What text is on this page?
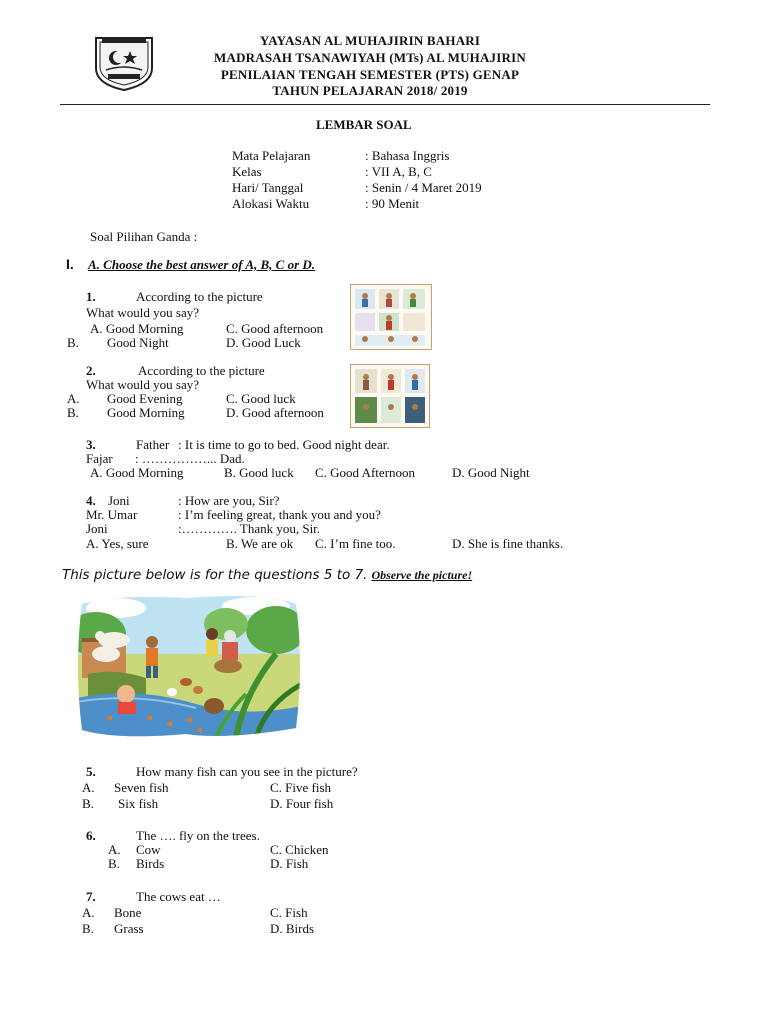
YAYASAN AL MUHAJIRIN BAHARI
MADRASAH TSANAWIYAH (MTs) AL MUHAJIRIN
PENILAIAN TENGAH SEMESTER (PTS) GENAP
TAHUN PELAJARAN 2018/ 2019
LEMBAR SOAL
Mata Pelajaran	: Bahasa Inggris
Kelas	: VII A, B, C
Hari/ Tanggal	: Senin / 4 Maret 2019
Alokasi Waktu	: 90 Menit
Soal Pilihan Ganda :
I. A. Choose the best answer of A, B, C or D.
1.	According to the picture
What would you say?
A. Good Morning	C. Good afternoon
B. Good Night	D. Good Luck
2.	According to the picture
What would you say?
A. Good Evening	C. Good luck
B. Good Morning	D. Good afternoon
3.	Father : It is time to go to bed. Good night dear.
Fajar : ……………... Dad.
A. Good Morning	B. Good luck C. Good Afternoon	D. Good Night
4. Joni	: How are you, Sir?
Mr. Umar	: I’m feeling great, thank you and you?
Joni	:…………. Thank you, Sir.
A. Yes, sure	B. We are ok C. I’m fine too.	D. She is fine thanks.
This picture below is for the questions 5 to 7. Observe the picture!
5.	How many fish can you see in the picture?
A. Seven fish	C. Five fish
B. Six fish	D. Four fish
6.	The …. fly on the trees.
A. Cow	C. Chicken
B. Birds	D. Fish
7.	The cows eat …
A. Bone	C. Fish
B. Grass	D. Birds
